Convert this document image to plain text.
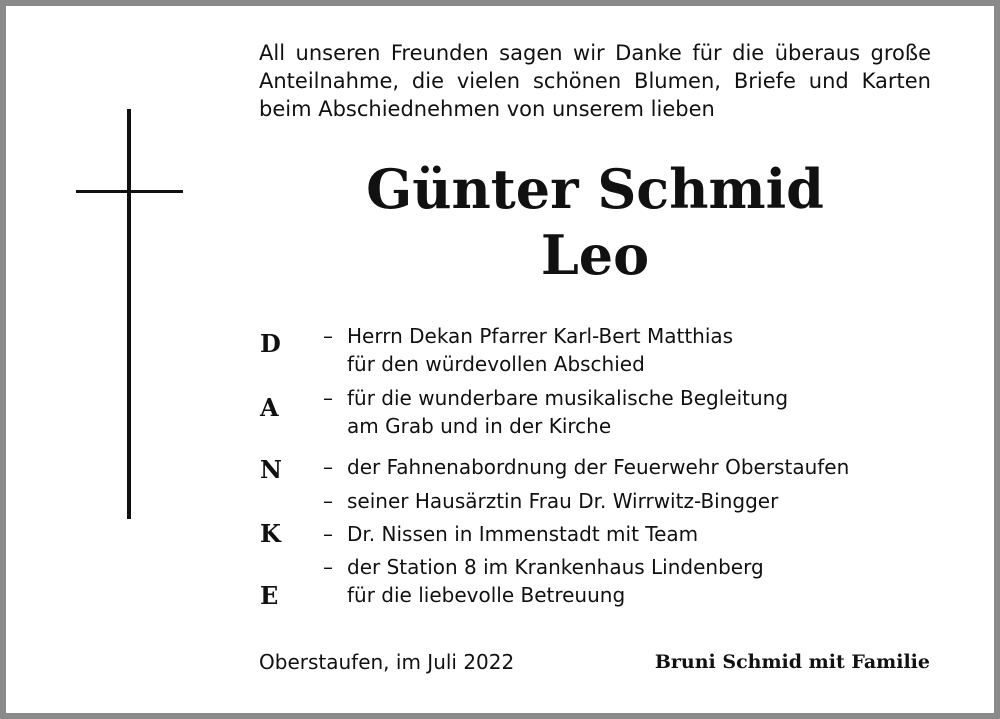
All unseren Freunden sagen wir Danke für die überaus große Anteilnahme, die vielen schönen Blumen, Briefe und Karten beim Abschiednehmen von unserem lieben

Günter Schmid
Leo
D
A
N
K
E
– Herrn Dekan Pfarrer Karl-Bert Matthias
für den würdevollen Abschied
– für die wunderbare musikalische Begleitung
am Grab und in der Kirche
– der Fahnenabordnung der Feuerwehr Oberstaufen
– seiner Hausärztin Frau Dr. Wirrwitz-Bingger
– Dr. Nissen in Immenstadt mit Team
– der Station 8 im Krankenhaus Lindenberg
für die liebevolle Betreuung
Oberstaufen, im Juli 2022	Bruni Schmid mit Familie
